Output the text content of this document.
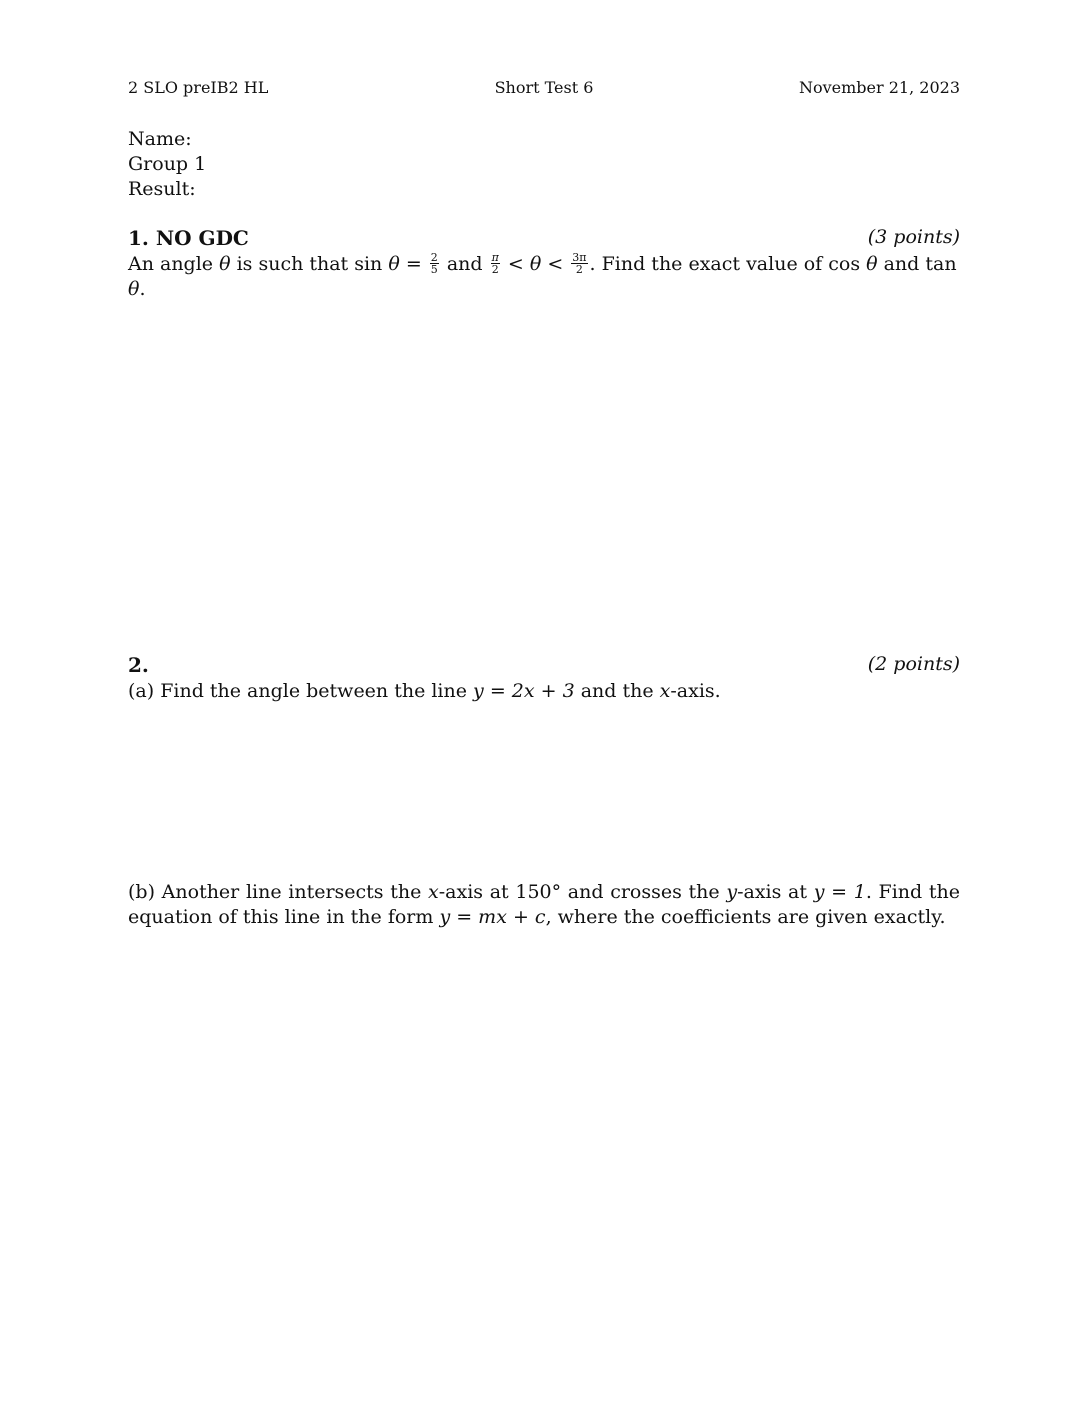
2 SLO preIB2 HL	Short Test 6	November 21, 2023
Name:
Group 1
Result:
1. NO GDC	(3 points)
An angle θ is such that $\sin \theta = \frac{2}{5}$ and $\frac{\pi}{2} < \theta < \frac{3\pi}{2}$ . Find the exact value of cos θ and tan θ.
2.	(2 points)
(a) Find the angle between the line y = 2x + 3 and the x-axis.
(b) Another line intersects the x-axis at 150° and crosses the y-axis at y = 1. Find the equation of this line in the form y = mx + c, where the coefficients are given exactly.
